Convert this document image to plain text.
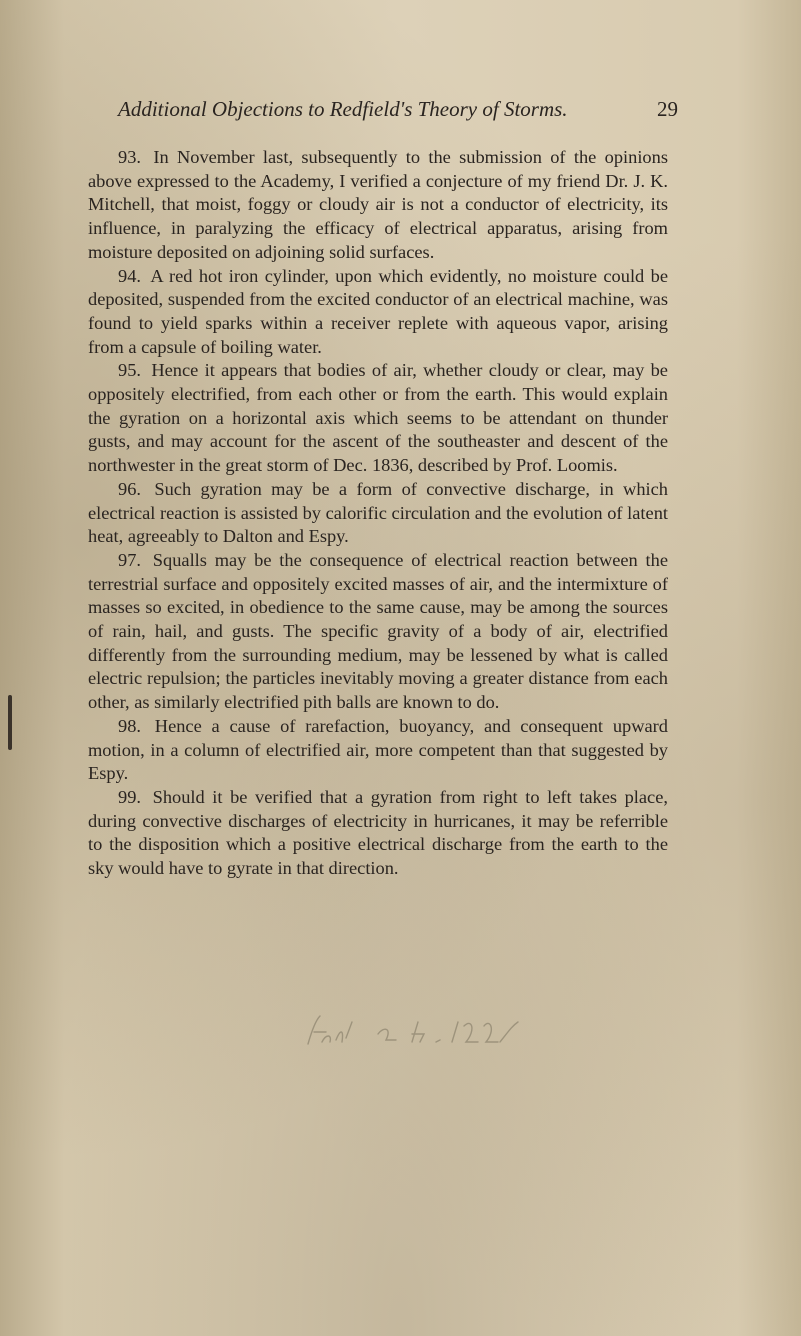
Additional Objections to Redfield's Theory of Storms.	29

93. In November last, subsequently to the submission of the opinions above expressed to the Academy, I verified a conjecture of my friend Dr. J. K. Mitchell, that moist, foggy or cloudy air is not a conductor of electricity, its influence, in paralyzing the efficacy of electrical apparatus, arising from moisture deposited on adjoining solid surfaces.

94. A red hot iron cylinder, upon which evidently, no moisture could be deposited, suspended from the excited conductor of an electrical machine, was found to yield sparks within a receiver replete with aqueous vapor, arising from a capsule of boiling water.

95. Hence it appears that bodies of air, whether cloudy or clear, may be oppositely electrified, from each other or from the earth. This would explain the gyration on a horizontal axis which seems to be attendant on thunder gusts, and may account for the ascent of the southeaster and descent of the northwester in the great storm of Dec. 1836, described by Prof. Loomis.

96. Such gyration may be a form of convective discharge, in which electrical reaction is assisted by calorific circulation and the evolution of latent heat, agreeably to Dalton and Espy.

97. Squalls may be the consequence of electrical reaction between the terrestrial surface and oppositely excited masses of air, and the intermixture of masses so excited, in obedience to the same cause, may be among the sources of rain, hail, and gusts. The specific gravity of a body of air, electrified differently from the surrounding medium, may be lessened by what is called electric repulsion; the particles inevitably moving a greater distance from each other, as similarly electrified pith balls are known to do.

98. Hence a cause of rarefaction, buoyancy, and consequent upward motion, in a column of electrified air, more competent than that suggested by Espy.

99. Should it be verified that a gyration from right to left takes place, during convective discharges of electricity in hurricanes, it may be referrible to the disposition which a positive electrical discharge from the earth to the sky would have to gyrate in that direction.
